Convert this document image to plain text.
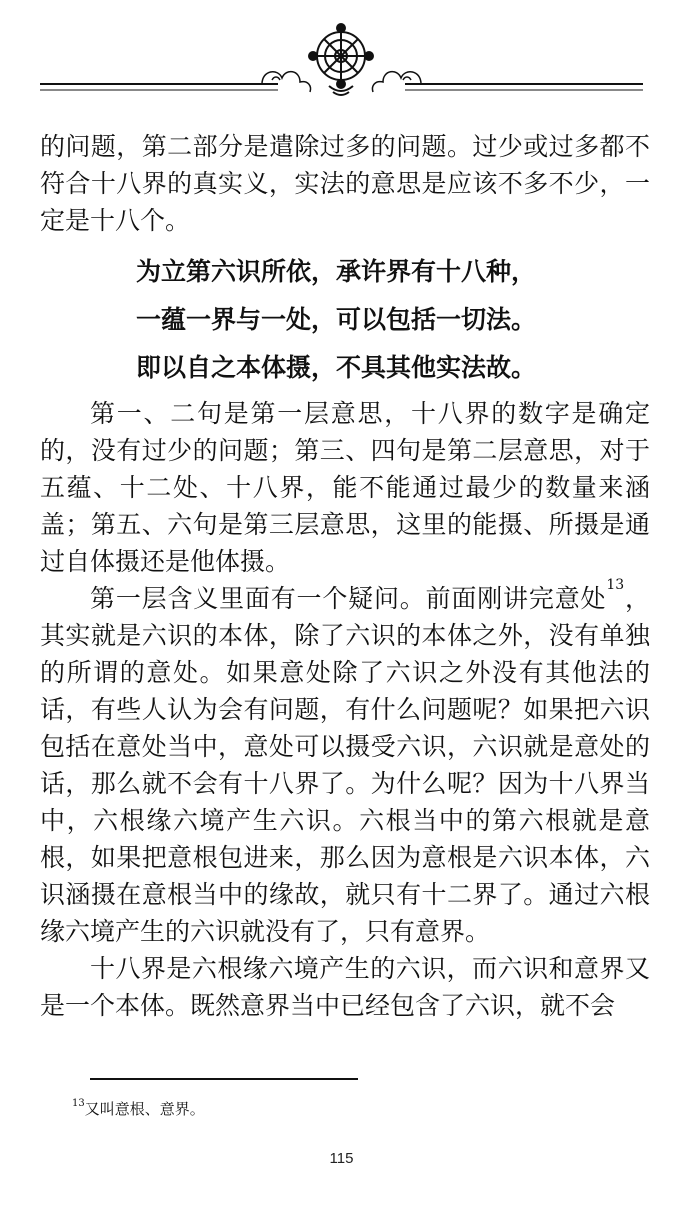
的问题，第二部分是遣除过多的问题。过少或过多都不符合十八界的真实义，实法的意思是应该不多不少，一定是十八个。
为立第六识所依，承许界有十八种，
一蕴一界与一处，可以包括一切法。
即以自之本体摄，不具其他实法故。
第一、二句是第一层意思，十八界的数字是确定的，没有过少的问题；第三、四句是第二层意思，对于五蕴、十二处、十八界，能不能通过最少的数量来涵盖；第五、六句是第三层意思，这里的能摄、所摄是通过自体摄还是他体摄。
第一层含义里面有一个疑问。前面刚讲完意处$^{13}$，其实就是六识的本体，除了六识的本体之外，没有单独的所谓的意处。如果意处除了六识之外没有其他法的话，有些人认为会有问题，有什么问题呢？如果把六识包括在意处当中，意处可以摄受六识，六识就是意处的话，那么就不会有十八界了。为什么呢？因为十八界当中，六根缘六境产生六识。六根当中的第六根就是意根，如果把意根包进来，那么因为意根是六识本体，六识涵摄在意根当中的缘故，就只有十二界了。通过六根缘六境产生的六识就没有了，只有意界。
十八界是六根缘六境产生的六识，而六识和意界又是一个本体。既然意界当中已经包含了六识，就不会
$^{13}$又叫意根、意界。
115
